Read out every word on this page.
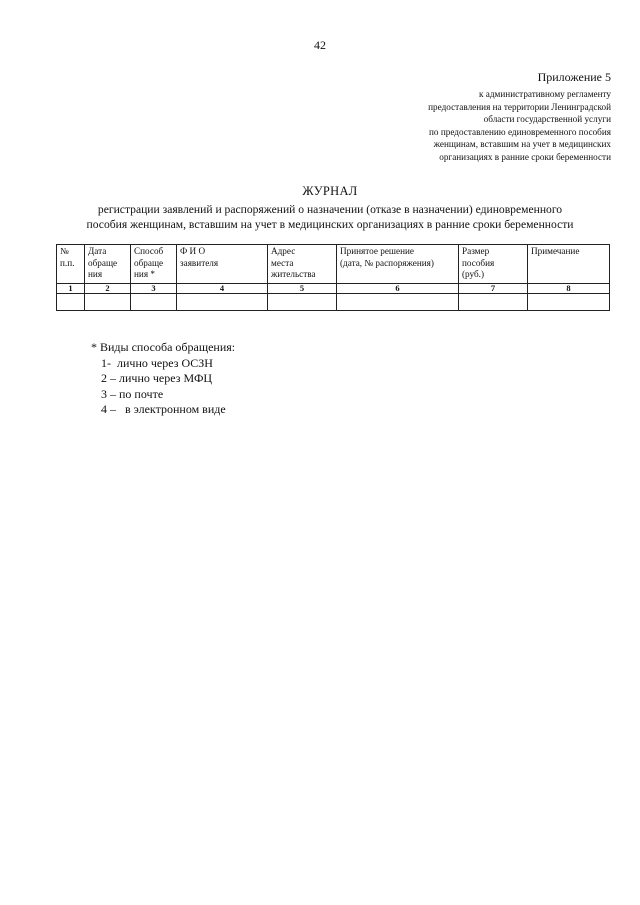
42
Приложение 5
к административному регламенту
предоставления на территории Ленинградской
области государственной услуги
по предоставлению единовременного пособия
женщинам, вставшим на учет в медицинских
организациях в ранние сроки беременности
ЖУРНАЛ
регистрации заявлений и распоряжений о назначении (отказе в назначении) единовременного
пособия женщинам, вставшим на учет в медицинских организациях в ранние сроки беременности
№
п.п.	Дата
обраще
ния	Способ
обраще
ния *	Ф И О
заявителя	Адрес
места
жительства	Принятое решение
(дата, № распоряжения)	Размер
пособия
(руб.)	Примечание

1	2	3	4	5	6	7	8

* Виды способа обращения:
1-  лично через ОСЗН
2 – лично через МФЦ
3 – по почте
4 –   в электронном виде
